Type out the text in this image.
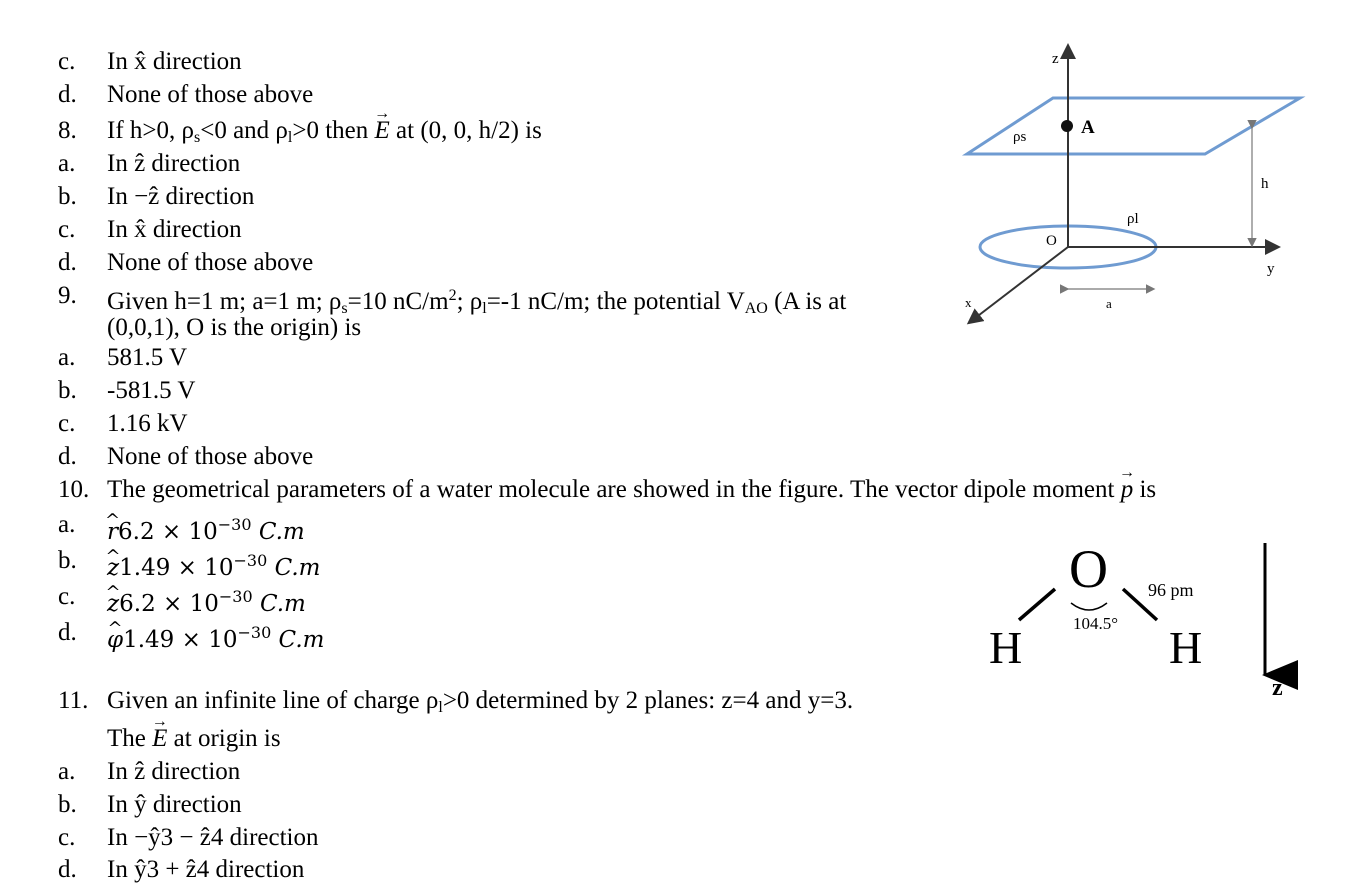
c. In x̂ direction
d. None of those above
8. If h>0, $\rho_s<0$ and $\rho_l>0$ then → E at (0, 0, h/2) is
a. In ẑ direction
b. In −ẑ direction
c. In x̂ direction
d. None of those above
9. Given h=1 m; a=1 m; $\rho_s=10$ $nC/m^2$; $\rho_l=-1$ nC/m; the potential $V_{AO}$ (A is at
(0,0,1), O is the origin) is
a. 581.5 V
b. -581.5 V
c. 1.16 kV
d. None of those above
10. The geometrical parameters of a water molecule are showed in the figure. The vector dipole moment → p is
a. ^ $r6.2 \times 10^{-30}$ C.m
b. ^ $z1.49 \times 10^{-30}$ C.m
c. ^ $z6.2 \times 10^{-30}$ C.m
d. ^ $\varphi 1.49 \times 10^{-30}$ C.m
11. Given an infinite line of charge $\rho_l>0$ determined by 2 planes: z=4 and y=3.
The → E at origin is
a. In ẑ direction
b. In ŷ direction
c. In −ŷ3 − ẑ4 direction
d. In ŷ3 + ẑ4 direction
z
y
x
A
O
ρs
ρl
h
a
O
H	H
104.5°
96 pm
z
